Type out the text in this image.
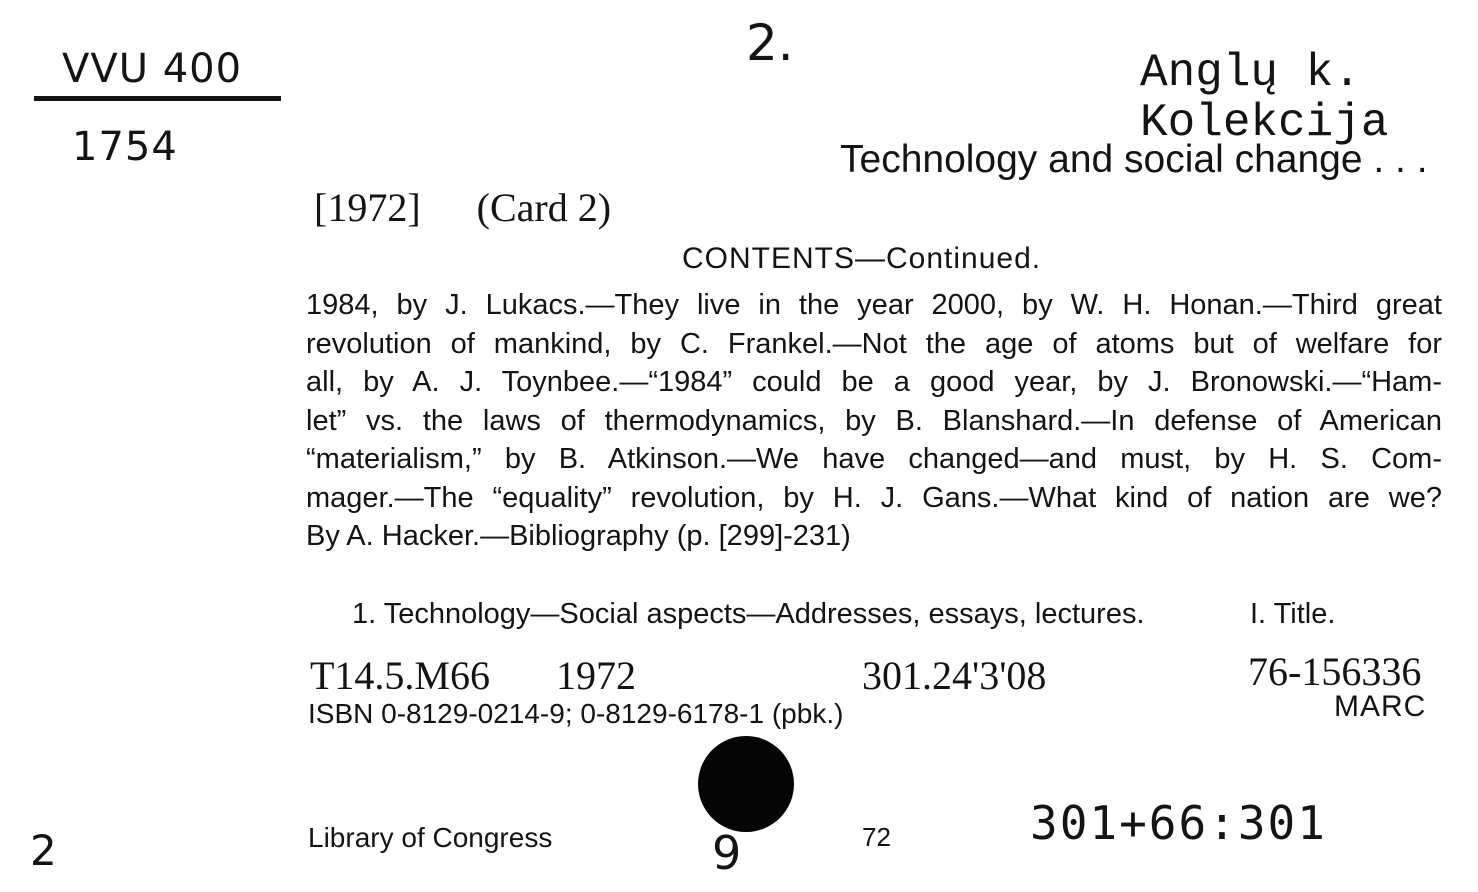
VVU 400
1754
2.
Anglų k.
Kolekcija
Technology and social change . . .
[1972] (Card 2)
CONTENTS—Continued.
1984, by J. Lukacs.—They live in the year 2000, by W. H. Honan.—Third great
revolution of mankind, by C. Frankel.—Not the age of atoms but of welfare for
all, by A. J. Toynbee.—“1984” could be a good year, by J. Bronowski.—“Ham-
let” vs. the laws of thermodynamics, by B. Blanshard.—In defense of American
“materialism,” by B. Atkinson.—We have changed—and must, by H. S. Com-
mager.—The “equality” revolution, by H. J. Gans.—What kind of nation are we?
By A. Hacker.—Bibliography (p. [299]-231)
1. Technology—Social aspects—Addresses, essays, lectures.	I. Title.
T14.5.M66 1972	301.24'3'08	76-156336
ISBN 0-8129-0214-9; 0-8129-6178-1 (pbk.)	MARC
Library of Congress	72
9
301+66:301
2
